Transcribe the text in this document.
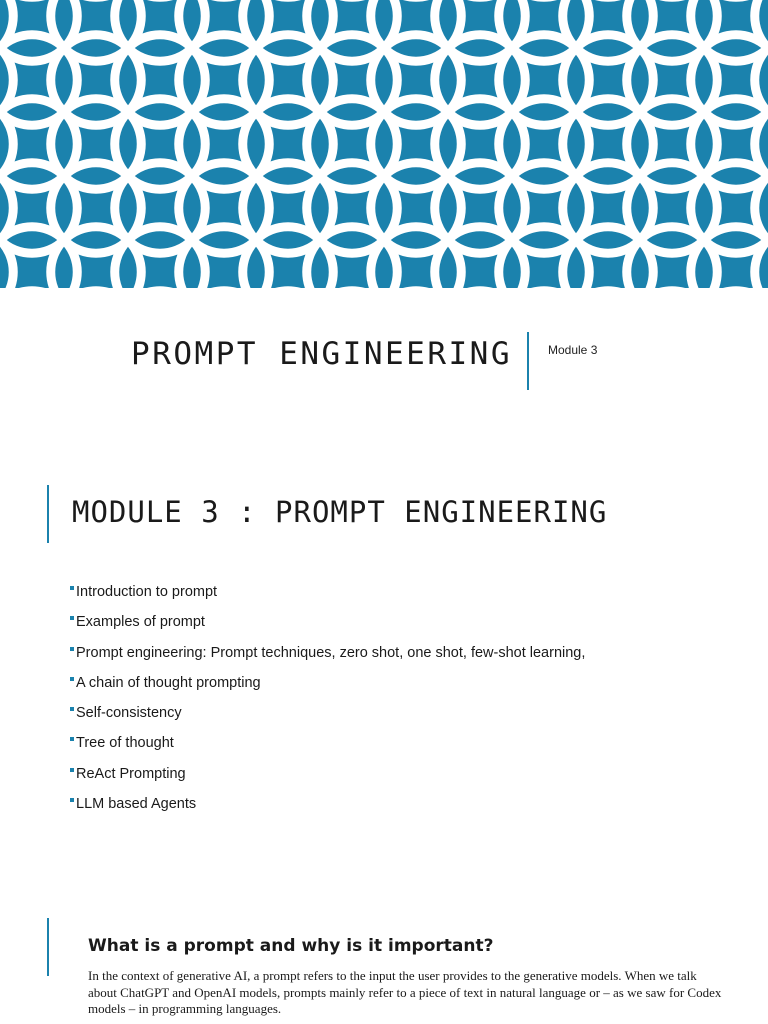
PROMPT ENGINEERING	Module 3
MODULE 3 : PROMPT ENGINEERING
Introduction to prompt
Examples of prompt
Prompt engineering: Prompt techniques, zero shot, one shot, few-shot learning,
A chain of thought prompting
Self-consistency
Tree of thought
ReAct Prompting
LLM based Agents
What is a prompt and why is it important?
In the context of generative AI, a prompt refers to the input the user provides to the generative models. When we talk about ChatGPT and OpenAI models, prompts mainly refer to a piece of text in natural language or – as we saw for Codex models – in programming languages.
